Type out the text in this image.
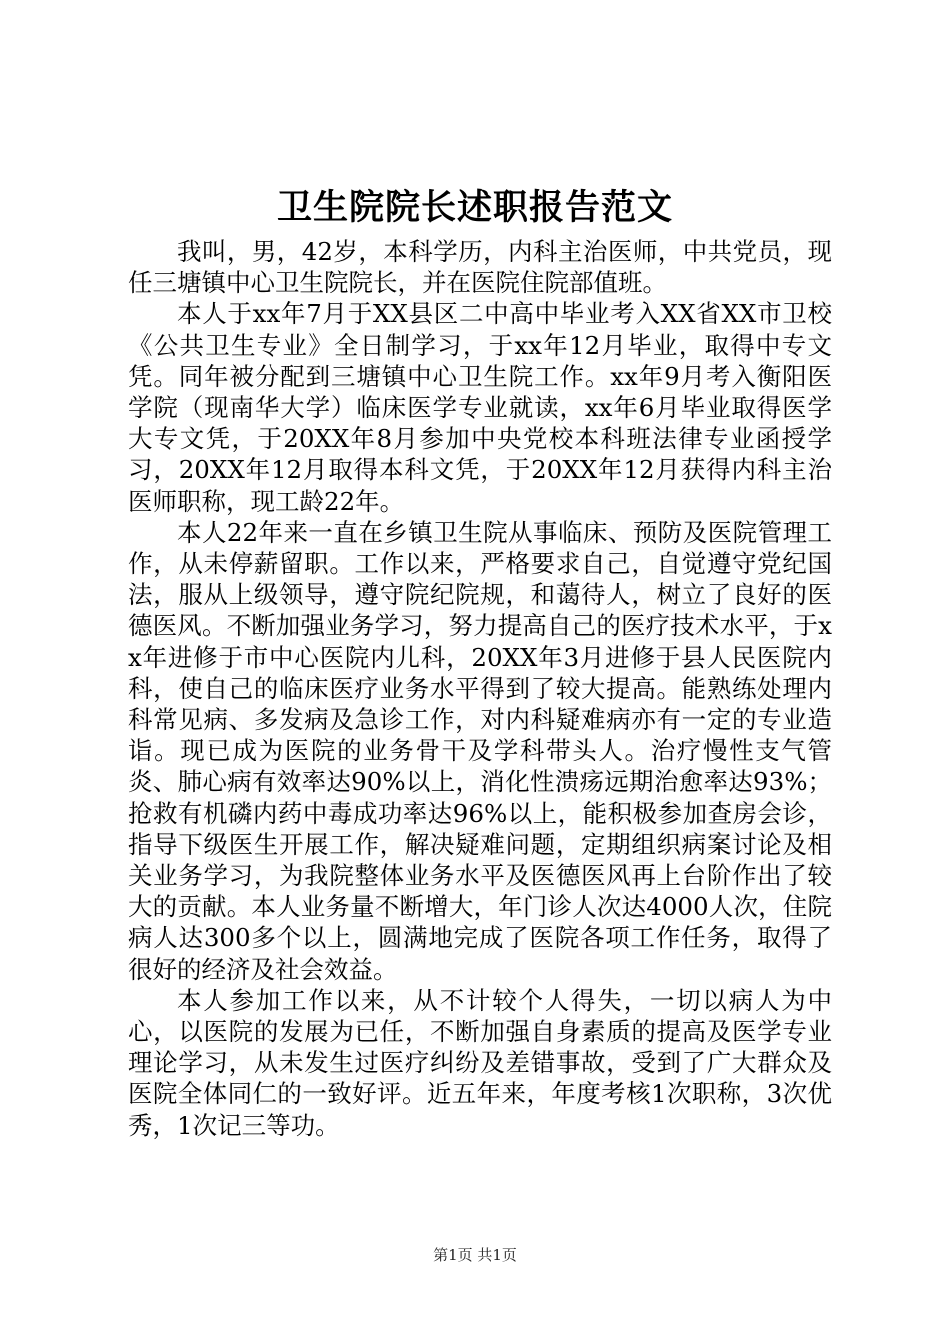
卫生院院长述职报告范文

我叫，男，42岁，本科学历，内科主治医师，中共党员，现任三塘镇中心卫生院院长，并在医院住院部值班。

本人于xx年7月于XX县区二中高中毕业考入XX省XX市卫校《公共卫生专业》全日制学习，于xx年12月毕业，取得中专文凭。同年被分配到三塘镇中心卫生院工作。xx年9月考入衡阳医学院（现南华大学）临床医学专业就读，xx年6月毕业取得医学大专文凭，于20XX年8月参加中央党校本科班法律专业函授学习，20XX年12月取得本科文凭，于20XX年12月获得内科主治医师职称，现工龄22年。

本人22年来一直在乡镇卫生院从事临床、预防及医院管理工作，从未停薪留职。工作以来，严格要求自己，自觉遵守党纪国法，服从上级领导，遵守院纪院规，和蔼待人，树立了良好的医德医风。不断加强业务学习，努力提高自己的医疗技术水平，于xx年进修于市中心医院内儿科，20XX年3月进修于县人民医院内科，使自己的临床医疗业务水平得到了较大提高。能熟练处理内科常见病、多发病及急诊工作，对内科疑难病亦有一定的专业造诣。现已成为医院的业务骨干及学科带头人。治疗慢性支气管炎、肺心病有效率达90%以上，消化性溃疡远期治愈率达93%；抢救有机磷内药中毒成功率达96%以上，能积极参加查房会诊，指导下级医生开展工作，解决疑难问题，定期组织病案讨论及相关业务学习，为我院整体业务水平及医德医风再上台阶作出了较大的贡献。本人业务量不断增大，年门诊人次达4000人次，住院病人达300多个以上，圆满地完成了医院各项工作任务，取得了很好的经济及社会效益。

本人参加工作以来，从不计较个人得失，一切以病人为中心，以医院的发展为已任，不断加强自身素质的提高及医学专业理论学习，从未发生过医疗纠纷及差错事故，受到了广大群众及医院全体同仁的一致好评。近五年来，年度考核1次职称，3次优秀，1次记三等功。

第1页 共1页
